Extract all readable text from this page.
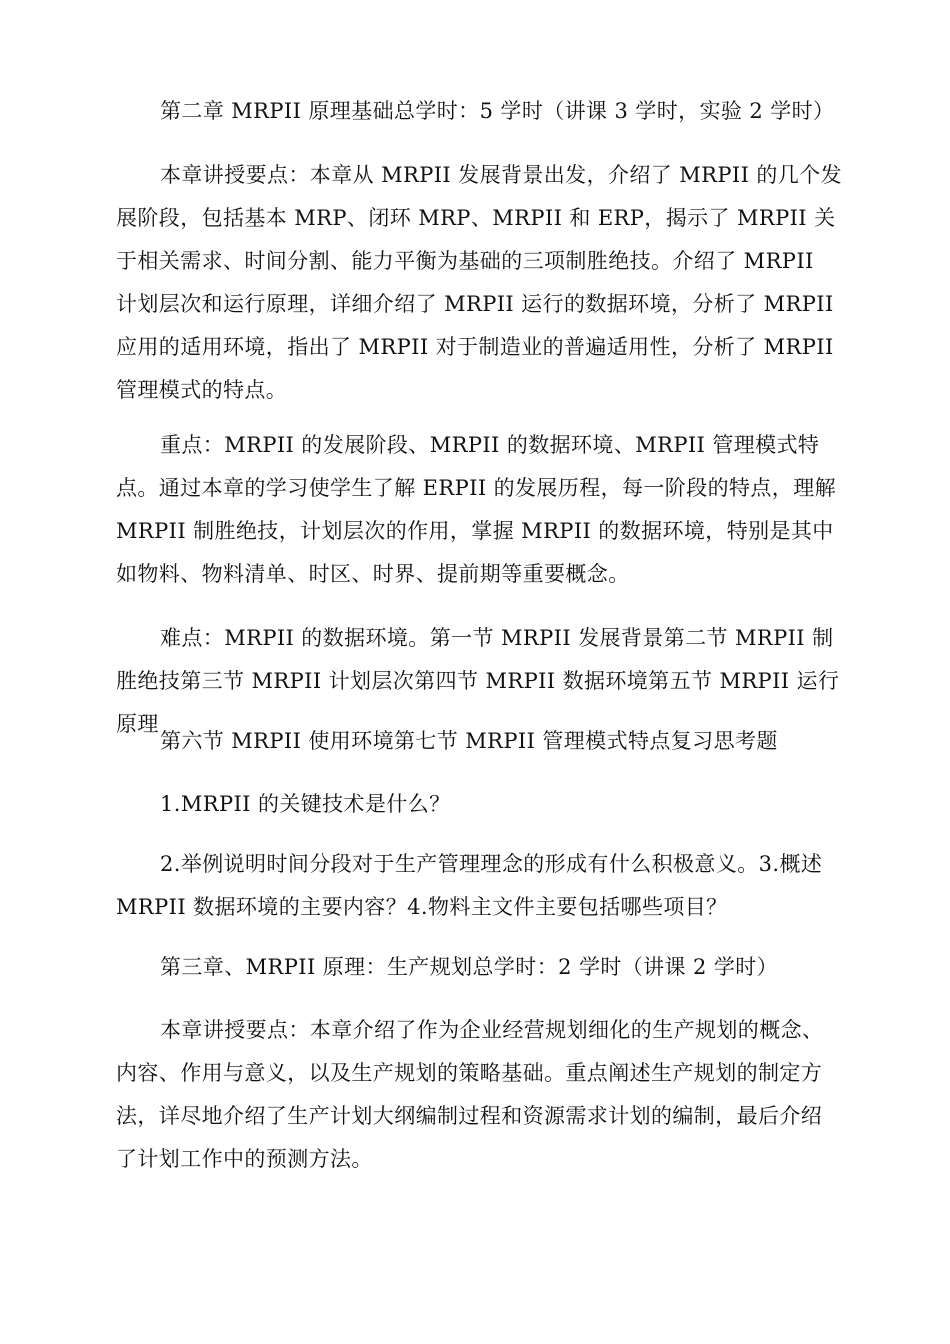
第二章 MRPII 原理基础总学时：5 学时（讲课 3 学时，实验 2 学时）

本章讲授要点：本章从 MRPII 发展背景出发，介绍了 MRPII 的几个发展阶段，包括基本 MRP、闭环 MRP、MRPII 和 ERP，揭示了 MRPII 关于相关需求、时间分割、能力平衡为基础的三项制胜绝技。介绍了 MRPII 计划层次和运行原理，详细介绍了 MRPII 运行的数据环境，分析了 MRPII 应用的适用环境，指出了 MRPII 对于制造业的普遍适用性，分析了 MRPII 管理模式的特点。

重点：MRPII 的发展阶段、MRPII 的数据环境、MRPII 管理模式特点。通过本章的学习使学生了解 ERPII 的发展历程，每一阶段的特点，理解 MRPII 制胜绝技，计划层次的作用，掌握 MRPII 的数据环境，特别是其中如物料、物料清单、时区、时界、提前期等重要概念。

难点：MRPII 的数据环境。第一节 MRPII 发展背景第二节 MRPII 制胜绝技第三节 MRPII 计划层次第四节 MRPII 数据环境第五节 MRPII 运行原理

第六节 MRPII 使用环境第七节 MRPII 管理模式特点复习思考题

1.MRPII 的关键技术是什么？

2.举例说明时间分段对于生产管理理念的形成有什么积极意义。3.概述 MRPII 数据环境的主要内容？4.物料主文件主要包括哪些项目？

第三章、MRPII 原理：生产规划总学时：2 学时（讲课 2 学时）

本章讲授要点：本章介绍了作为企业经营规划细化的生产规划的概念、内容、作用与意义，以及生产规划的策略基础。重点阐述生产规划的制定方法，详尽地介绍了生产计划大纲编制过程和资源需求计划的编制，最后介绍了计划工作中的预测方法。
